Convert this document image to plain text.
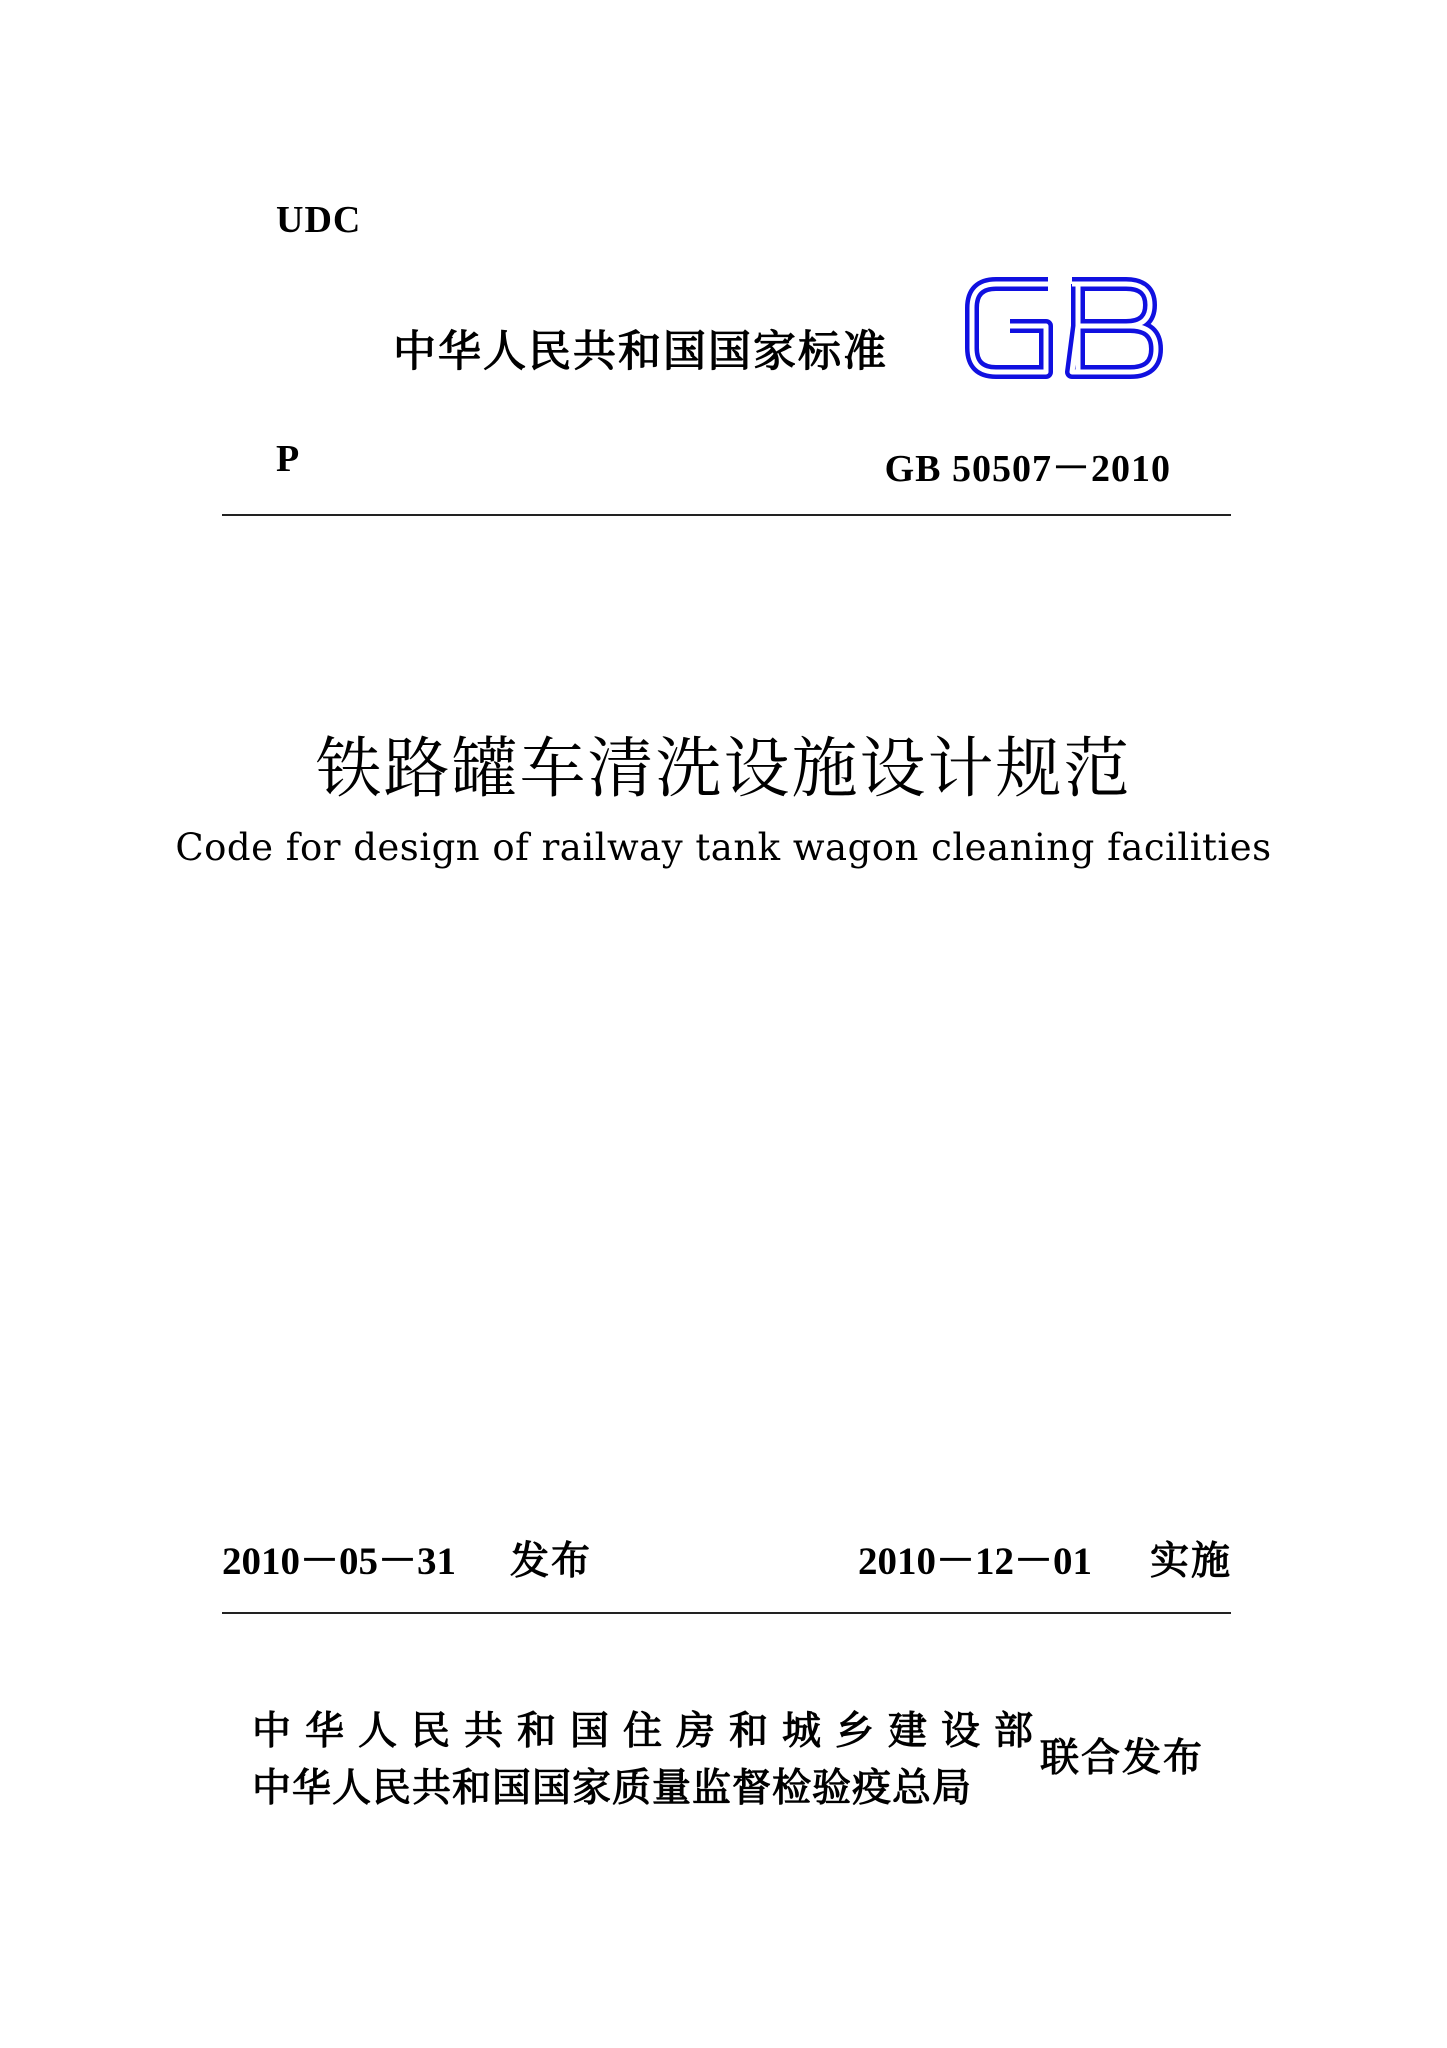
UDC
中华人民共和国国家标准
P	GB 50507－2010
铁路罐车清洗设施设计规范
Code for design of railway tank wagon cleaning facilities
2010－05－31 发布	2010－12－01 实施
中华人民共和国住房和城乡建设部
中华人民共和国国家质量监督检验疫总局
联合发布
